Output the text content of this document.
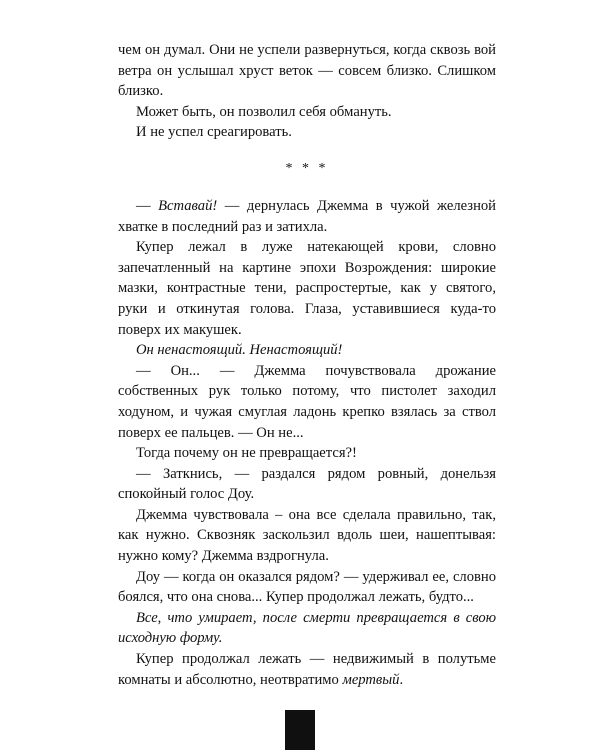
чем он думал. Они не успели развернуться, когда сквозь вой ветра он услышал хруст веток — совсем близко. Слишком близко.

Может быть, он позволил себя обмануть.

И не успел среагировать.

* * *

— Вставай! — дернулась Джемма в чужой железной хватке в последний раз и затихла.

Купер лежал в луже натекающей крови, словно запечатленный на картине эпохи Возрождения: широкие мазки, контрастные тени, распростертые, как у святого, руки и откинутая голова. Глаза, уставившиеся куда-то поверх их макушек.

Он ненастоящий. Ненастоящий!

— Он... — Джемма почувствовала дрожание собственных рук только потому, что пистолет заходил ходуном, и чужая смуглая ладонь крепко взялась за ствол поверх ее пальцев. — Он не...

Тогда почему он не превращается?!

— Заткнись, — раздался рядом ровный, донельзя спокойный голос Доу.

Джемма чувствовала – она все сделала правильно, так, как нужно. Сквозняк заскользил вдоль шеи, нашептывая: нужно кому? Джемма вздрогнула.

Доу — когда он оказался рядом? — удерживал ее, словно боялся, что она снова... Купер продолжал лежать, будто...

Все, что умирает, после смерти превращается в свою исходную форму.

Купер продолжал лежать — недвижимый в полутьме комнаты и абсолютно, неотвратимо мертвый.
